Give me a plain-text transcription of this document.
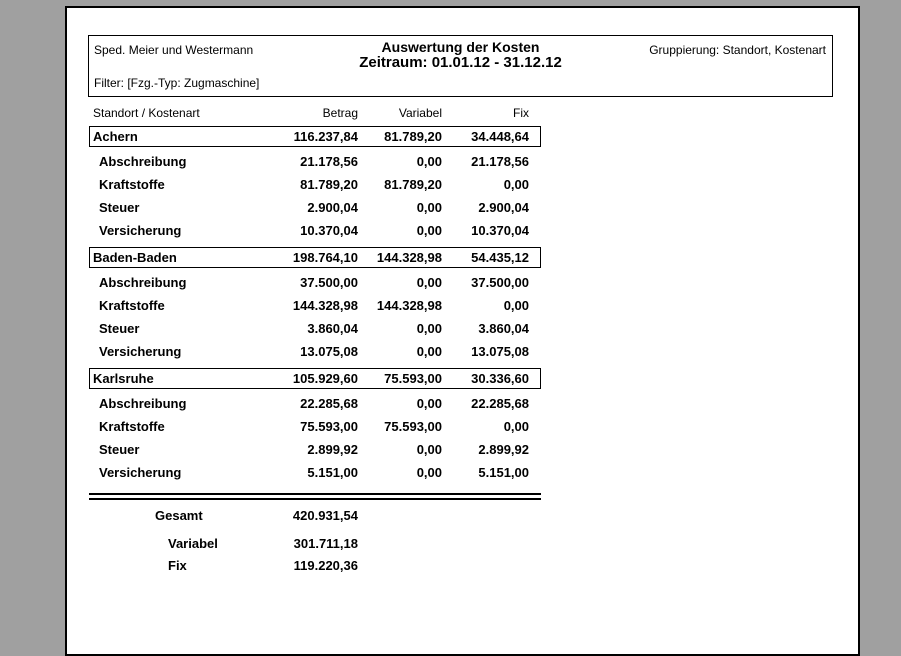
Sped. Meier und Westermann	Auswertung der Kosten
Zeitraum: 01.01.12 - 31.12.12
Gruppierung: Standort, Kostenart
Filter: [Fzg.-Typ: Zugmaschine]
Standort / Kostenart	Betrag	Variabel	Fix
Achern	116.237,84	81.789,20	34.448,64
Abschreibung	21.178,56	0,00	21.178,56
Kraftstoffe	81.789,20	81.789,20	0,00
Steuer	2.900,04	0,00	2.900,04
Versicherung	10.370,04	0,00	10.370,04
Baden-Baden	198.764,10	144.328,98	54.435,12
Abschreibung	37.500,00	0,00	37.500,00
Kraftstoffe	144.328,98	144.328,98	0,00
Steuer	3.860,04	0,00	3.860,04
Versicherung	13.075,08	0,00	13.075,08
Karlsruhe	105.929,60	75.593,00	30.336,60
Abschreibung	22.285,68	0,00	22.285,68
Kraftstoffe	75.593,00	75.593,00	0,00
Steuer	2.899,92	0,00	2.899,92
Versicherung	5.151,00	0,00	5.151,00
Gesamt	420.931,54
Variabel	301.711,18
Fix	119.220,36
